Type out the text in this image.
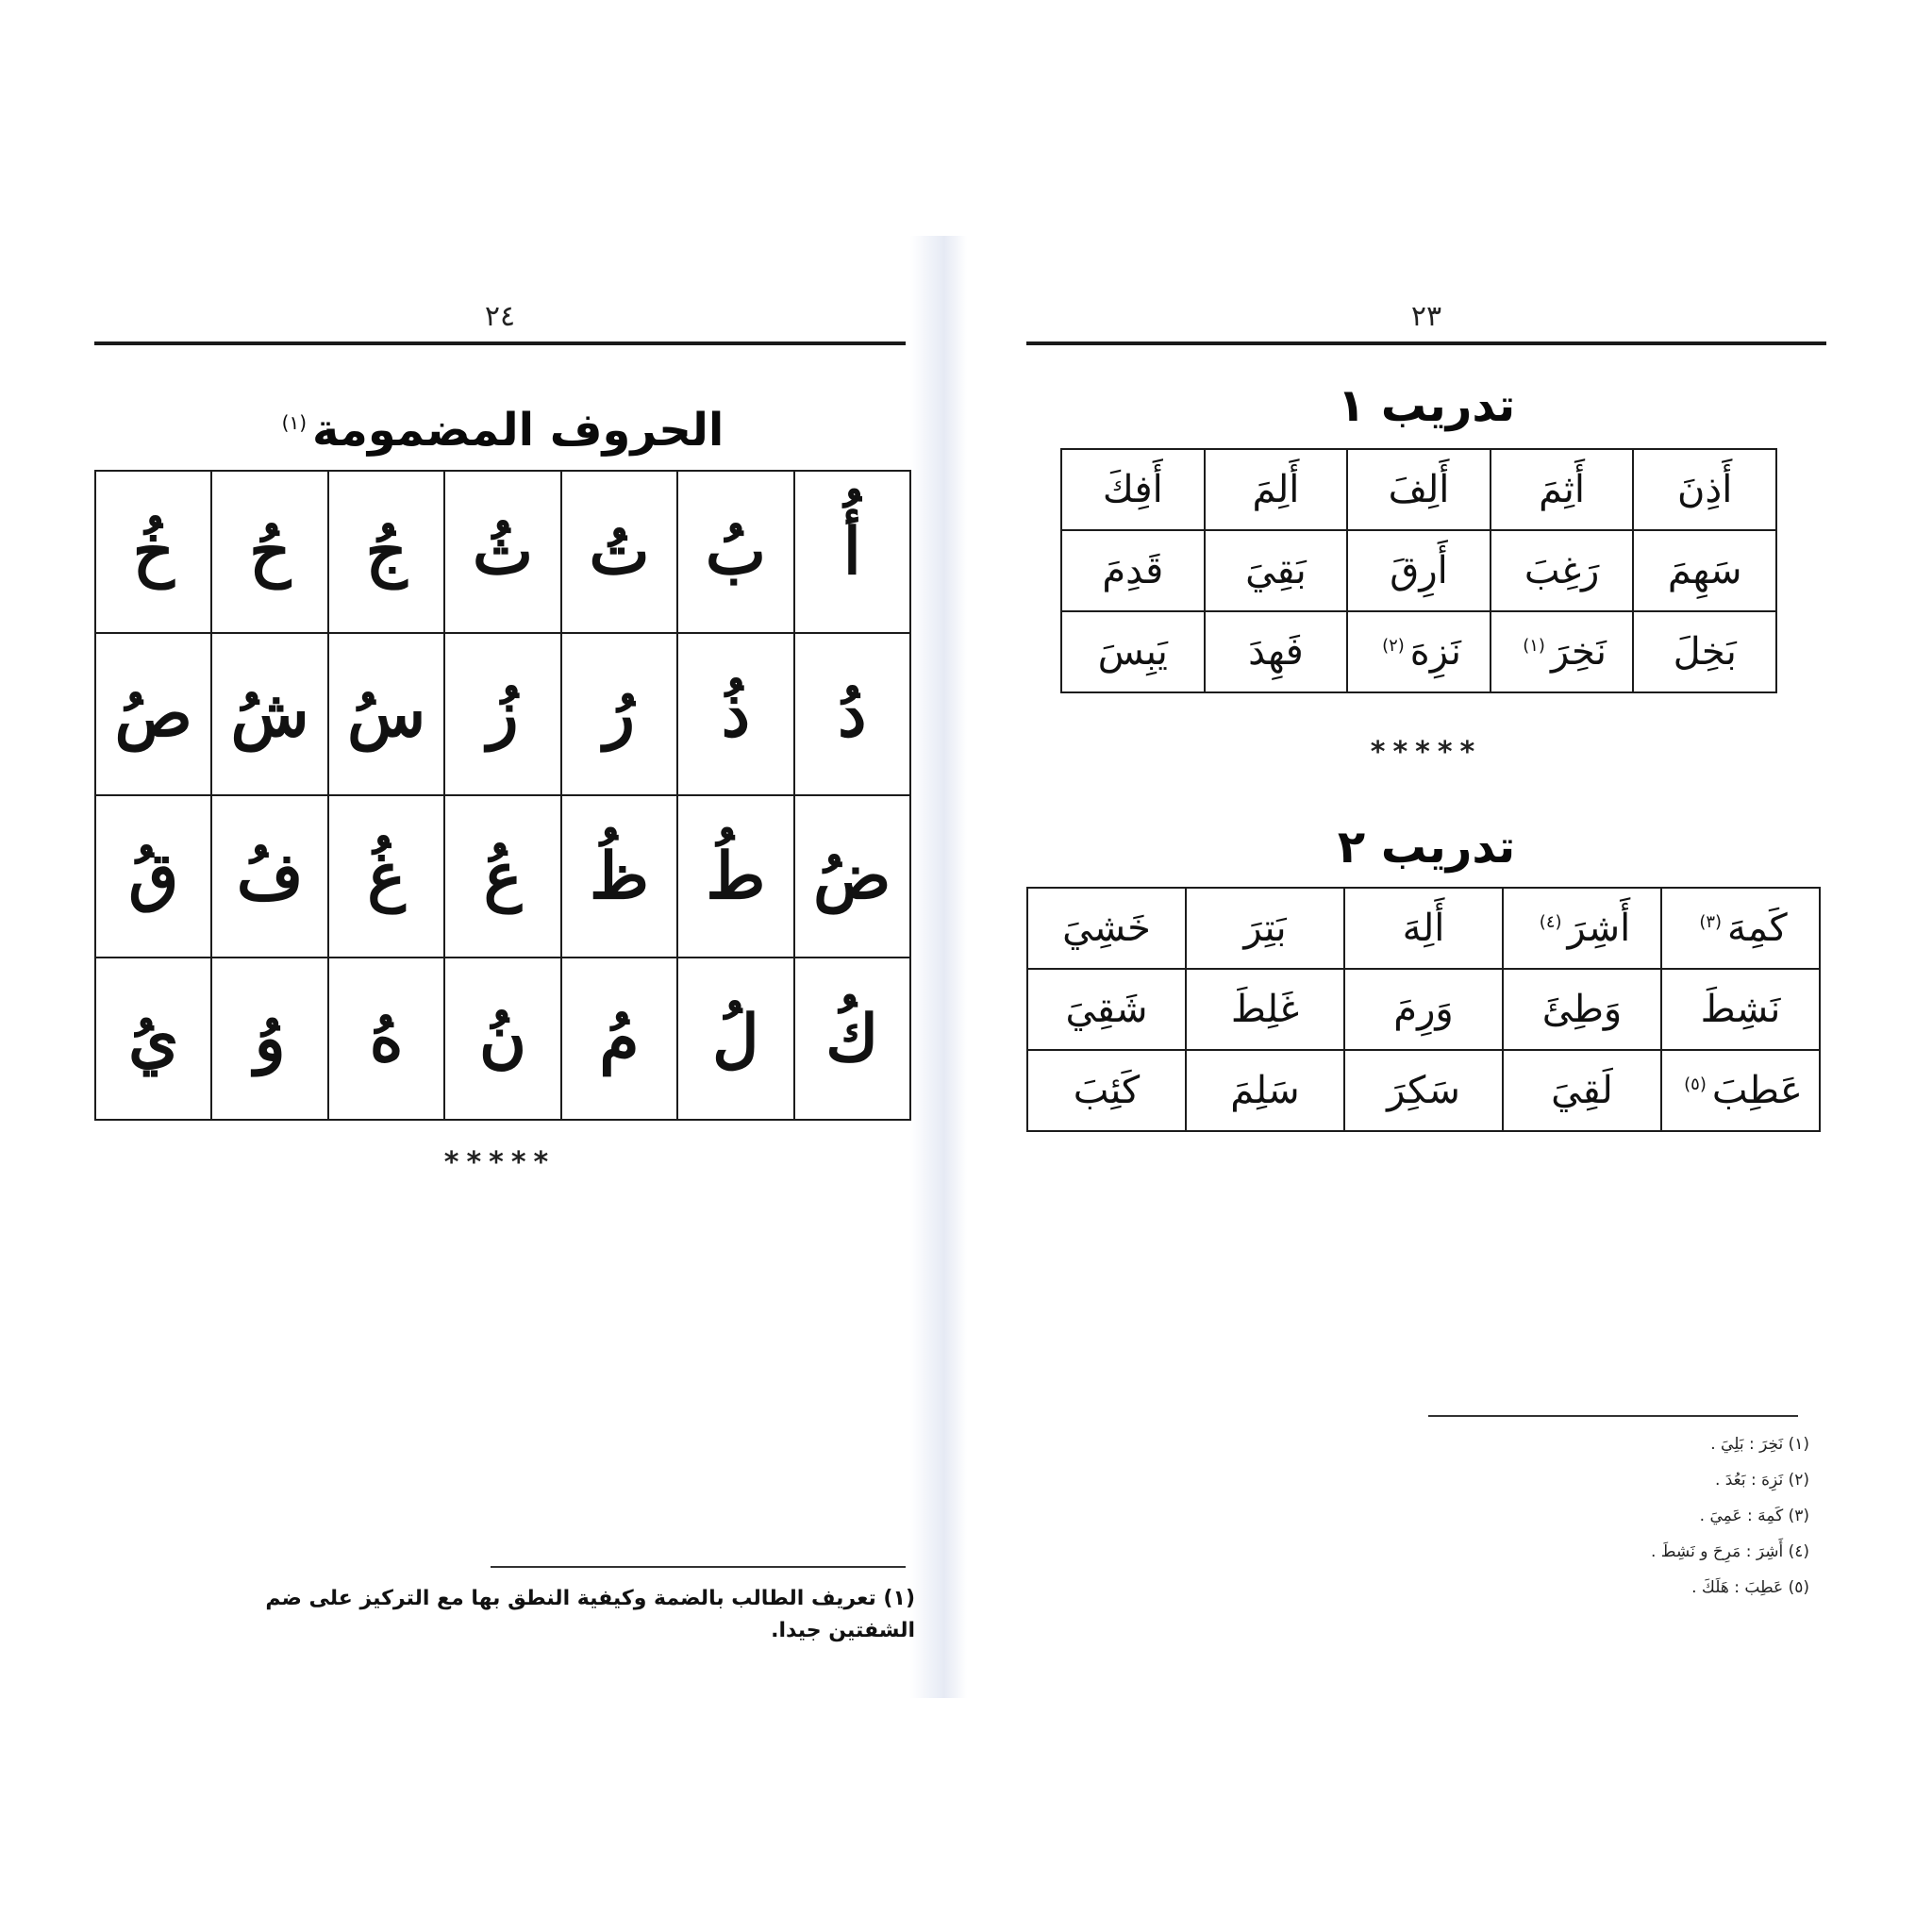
٢٤
الحروف المضمومة$^{(١)}$
أُ	بُ	تُ	ثُ	جُ	حُ	خُ
دُ	ذُ	رُ	زُ	سُ	شُ	صُ
ضُ	طُ	ظُ	عُ	غُ	فُ	قُ
كُ	لُ	مُ	نُ	هُ	وُ	يُ
*****
(١) تعريف الطالب بالضمة وكيفية النطق بها مع التركيز على ضم الشفتين جيدا.
٢٣
تدريب ١
أَذِنَ	أَثِمَ	أَلِفَ	أَلِمَ	أَفِكَ
سَهِمَ	رَغِبَ	أَرِقَ	بَقِيَ	قَدِمَ
بَخِلَ	نَخِرَ$^{(١)}$	نَزِهَ$^{(٢)}$	فَهِدَ	يَبِسَ
*****
تدريب ٢
كَمِهَ$^{(٣)}$	أَشِرَ$^{(٤)}$	أَلِهَ	بَتِرَ	خَشِيَ
نَشِطَ	وَطِئَ	وَرِمَ	غَلِطَ	شَقِيَ
عَطِبَ$^{(٥)}$	لَقِيَ	سَكِرَ	سَلِمَ	كَئِبَ
(١) نَخِرَ : بَلِيَ .
(٢) نَزِهَ : بَعُدَ .
(٣) كَمِهَ : عَمِيَ .
(٤) أَشِرَ : مَرِحَ و نَشِطَ .
(٥) عَطِبَ : هَلَكَ .
